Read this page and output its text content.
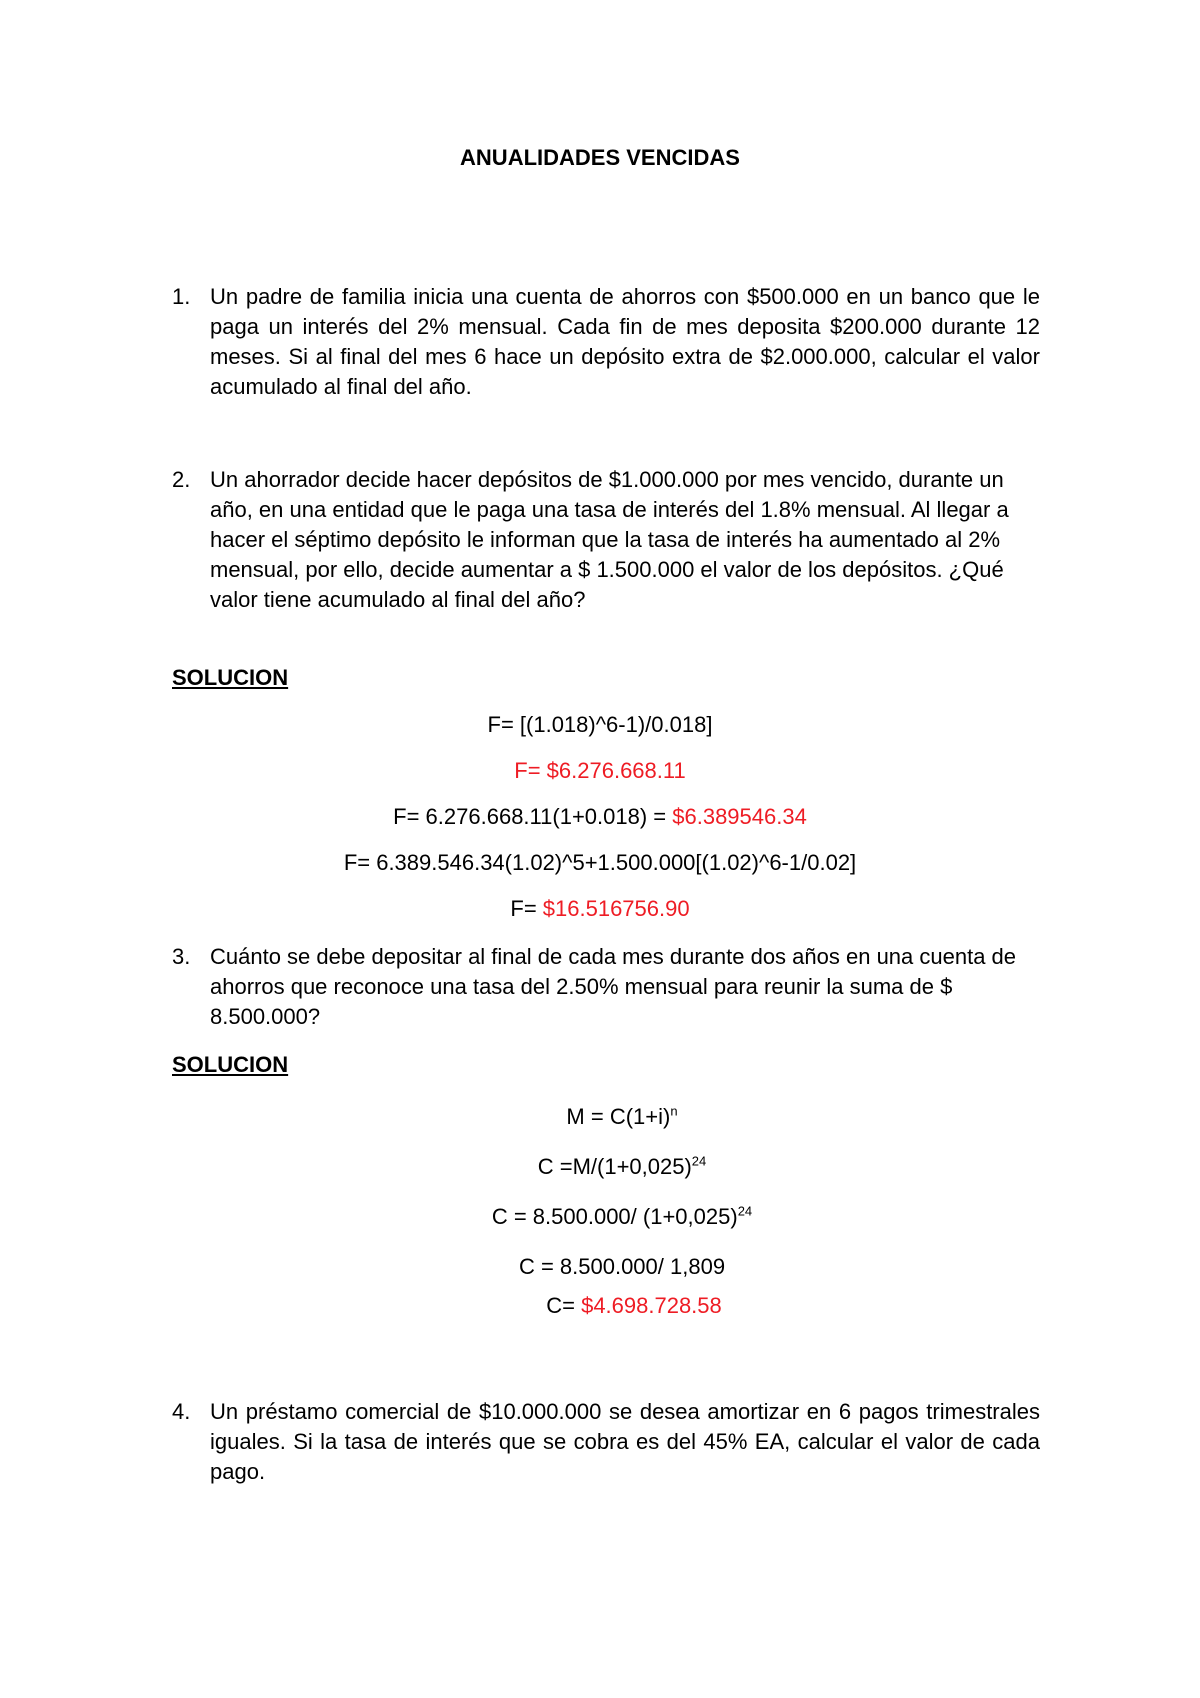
ANUALIDADES VENCIDAS
1. Un padre de familia inicia una cuenta de ahorros con $500.000 en un banco que le paga un interés del 2% mensual. Cada fin de mes deposita $200.000 durante 12 meses. Si al final del mes 6 hace un depósito extra de $2.000.000, calcular el valor acumulado al final del año.
2. Un ahorrador decide hacer depósitos de $1.000.000 por mes vencido, durante un año, en una entidad que le paga una tasa de interés del 1.8% mensual. Al llegar a hacer el séptimo depósito le informan que la tasa de interés ha aumentado al 2% mensual, por ello, decide aumentar a $ 1.500.000 el valor de los depósitos. ¿Qué valor tiene acumulado al final del año?
SOLUCION
F= [(1.018)^6-1)/0.018]
F= $6.276.668.11
F= 6.276.668.11(1+0.018) = $6.389546.34
F= 6.389.546.34(1.02)^5+1.500.000[(1.02)^6-1/0.02]
F= $16.516756.90
3. Cuánto se debe depositar al final de cada mes durante dos años en una cuenta de ahorros que reconoce una tasa del 2.50% mensual para reunir la suma de $ 8.500.000?
SOLUCION
$M = C(1+i)^n$
$C =M/(1+0,025)^{24}$
C = 8.500.000/ $(1+0,025)^{24}$
C = 8.500.000/ 1,809
C= $4.698.728.58
4. Un préstamo comercial de $10.000.000 se desea amortizar en 6 pagos trimestrales iguales. Si la tasa de interés que se cobra es del 45% EA, calcular el valor de cada pago.
